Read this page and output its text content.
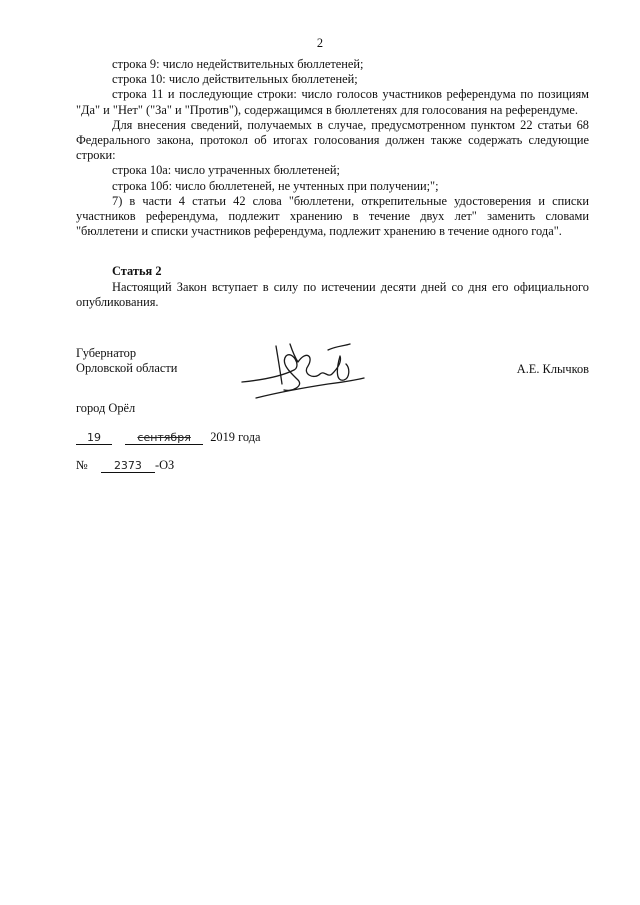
2

строка 9: число недействительных бюллетеней;

строка 10: число действительных бюллетеней;

строка 11 и последующие строки: число голосов участников референдума по позициям "Да" и "Нет" ("За" и "Против"), содержащимся в бюллетенях для голосования на референдуме.

Для внесения сведений, получаемых в случае, предусмотренном пунктом 22 статьи 68 Федерального закона, протокол об итогах голосования должен также содержать следующие строки:

строка 10а: число утраченных бюллетеней;

строка 10б: число бюллетеней, не учтенных при получении;";

7) в части 4 статьи 42 слова "бюллетени, открепительные удостоверения и списки участников референдума, подлежит хранению в течение двух лет" заменить словами "бюллетени и списки участников референдума, подлежит хранению в течение одного года".

Статья 2

Настоящий Закон вступает в силу по истечении десяти дней со дня его официального опубликования.

Губернатор
Орловской области	А.Е. Клычков
город Орёл
19	сентября 2019 года
№ 2373 -ОЗ
